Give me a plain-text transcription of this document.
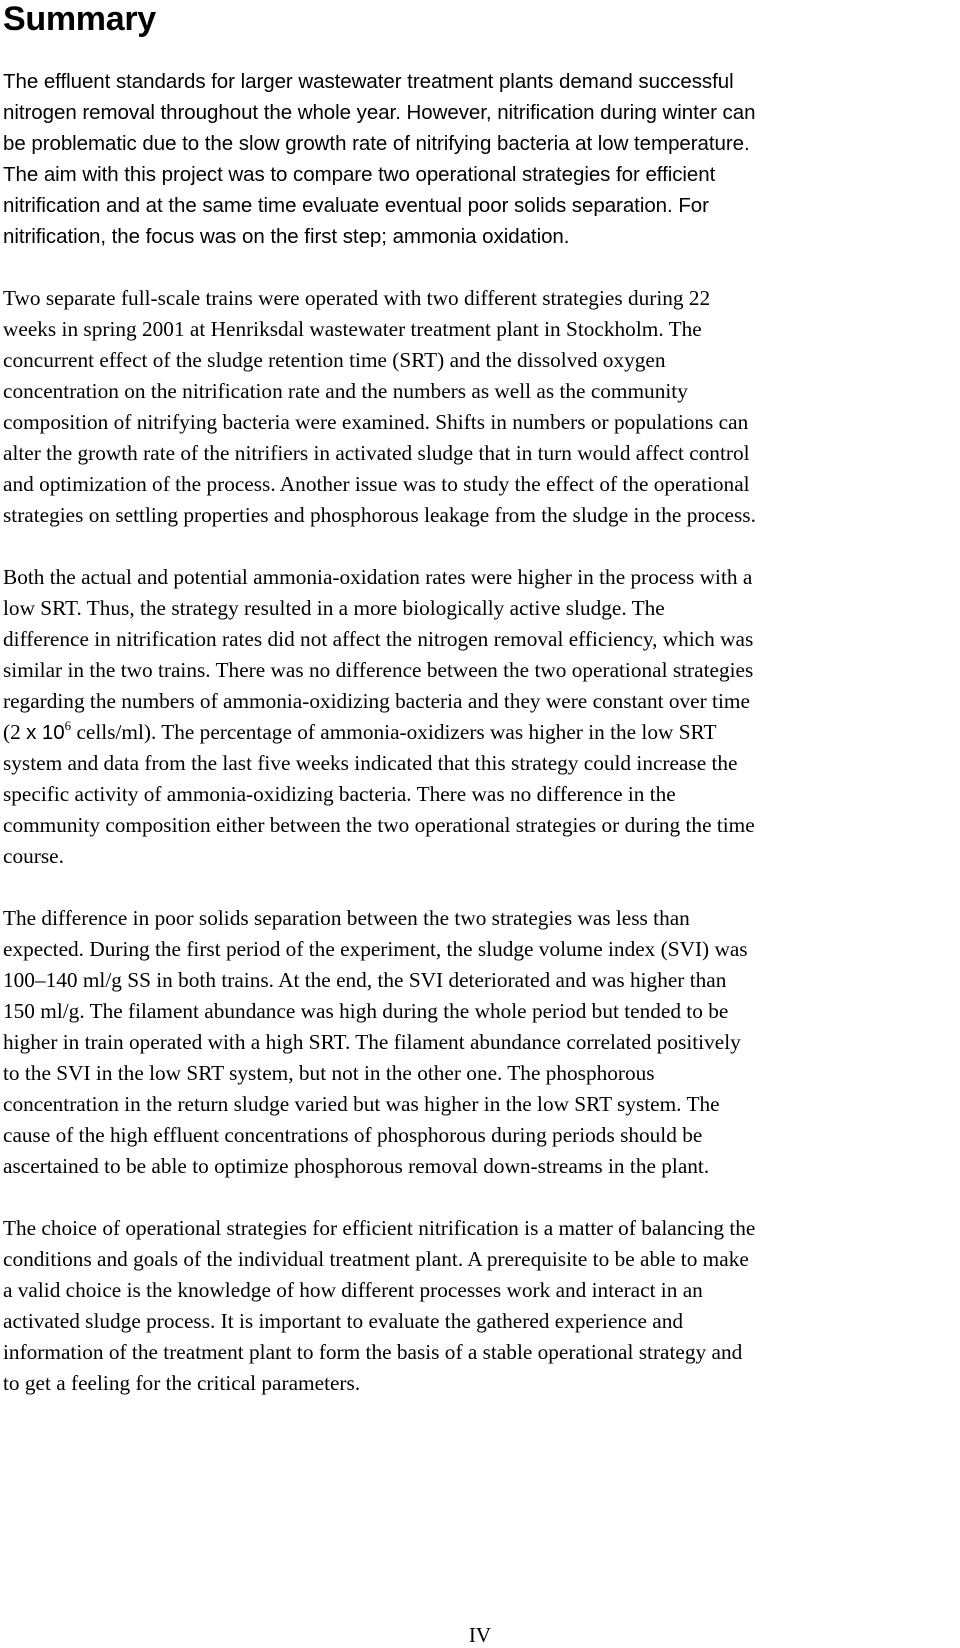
Summary

The effluent standards for larger wastewater treatment plants demand successful
nitrogen removal throughout the whole year. However, nitrification during winter can
be problematic due to the slow growth rate of nitrifying bacteria at low temperature.
The aim with this project was to compare two operational strategies for efficient
nitrification and at the same time evaluate eventual poor solids separation. For
nitrification, the focus was on the first step; ammonia oxidation.

Two separate full-scale trains were operated with two different strategies during 22
weeks in spring 2001 at Henriksdal wastewater treatment plant in Stockholm. The
concurrent effect of the sludge retention time (SRT) and the dissolved oxygen
concentration on the nitrification rate and the numbers as well as the community
composition of nitrifying bacteria were examined. Shifts in numbers or populations can
alter the growth rate of the nitrifiers in activated sludge that in turn would affect control
and optimization of the process. Another issue was to study the effect of the operational
strategies on settling properties and phosphorous leakage from the sludge in the process.

Both the actual and potential ammonia-oxidation rates were higher in the process with a
low SRT. Thus, the strategy resulted in a more biologically active sludge. The
difference in nitrification rates did not affect the nitrogen removal efficiency, which was
similar in the two trains. There was no difference between the two operational strategies
regarding the numbers of ammonia-oxidizing bacteria and they were constant over time
(2 x $10^6$ cells/ml). The percentage of ammonia-oxidizers was higher in the low SRT
system and data from the last five weeks indicated that this strategy could increase the
specific activity of ammonia-oxidizing bacteria. There was no difference in the
community composition either between the two operational strategies or during the time
course.

The difference in poor solids separation between the two strategies was less than
expected. During the first period of the experiment, the sludge volume index (SVI) was
100–140 ml/g SS in both trains. At the end, the SVI deteriorated and was higher than
150 ml/g. The filament abundance was high during the whole period but tended to be
higher in train operated with a high SRT. The filament abundance correlated positively
to the SVI in the low SRT system, but not in the other one. The phosphorous
concentration in the return sludge varied but was higher in the low SRT system. The
cause of the high effluent concentrations of phosphorous during periods should be
ascertained to be able to optimize phosphorous removal down-streams in the plant.

The choice of operational strategies for efficient nitrification is a matter of balancing the
conditions and goals of the individual treatment plant. A prerequisite to be able to make
a valid choice is the knowledge of how different processes work and interact in an
activated sludge process. It is important to evaluate the gathered experience and
information of the treatment plant to form the basis of a stable operational strategy and
to get a feeling for the critical parameters.

IV
